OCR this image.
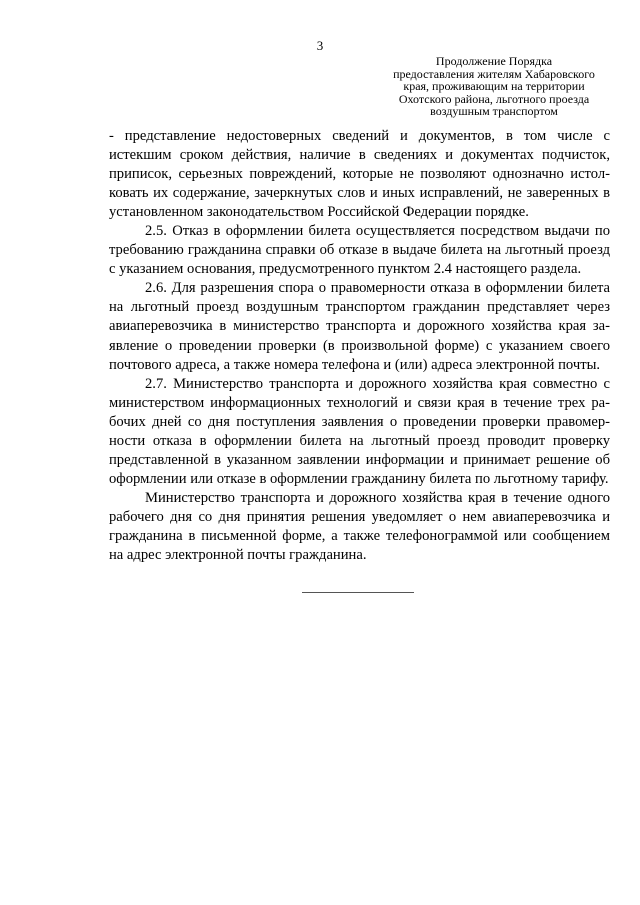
3
Продолжение Порядка
предоставления жителям Хабаровского
края, проживающим на территории
Охотского района, льготного проезда
воздушным транспортом

- представление недостоверных сведений и документов, в том числе с истекшим сроком действия, наличие в сведениях и документах подчисток, приписок, серьезных повреждений, которые не позволяют однозначно истолковать их содержание, зачеркнутых слов и иных исправлений, не заверенных в установленном законодательством Российской Федерации порядке.

2.5. Отказ в оформлении билета осуществляется посредством выдачи по требованию гражданина справки об отказе в выдаче билета на льготный проезд с указанием основания, предусмотренного пунктом 2.4 настоящего раздела.

2.6. Для разрешения спора о правомерности отказа в оформлении билета на льготный проезд воздушным транспортом гражданин представляет через авиаперевозчика в министерство транспорта и дорожного хозяйства края заявление о проведении проверки (в произвольной форме) с указанием своего почтового адреса, а также номера телефона и (или) адреса электронной почты.

2.7. Министерство транспорта и дорожного хозяйства края совместно с министерством информационных технологий и связи края в течение трех рабочих дней со дня поступления заявления о проведении проверки правомерности отказа в оформлении билета на льготный проезд проводит проверку представленной в указанном заявлении информации и принимает решение об оформлении или отказе в оформлении гражданину билета по льготному тарифу.

Министерство транспорта и дорожного хозяйства края в течение одного рабочего дня со дня принятия решения уведомляет о нем авиаперевозчика и гражданина в письменной форме, а также телефонограммой или сообщением на адрес электронной почты гражданина.
